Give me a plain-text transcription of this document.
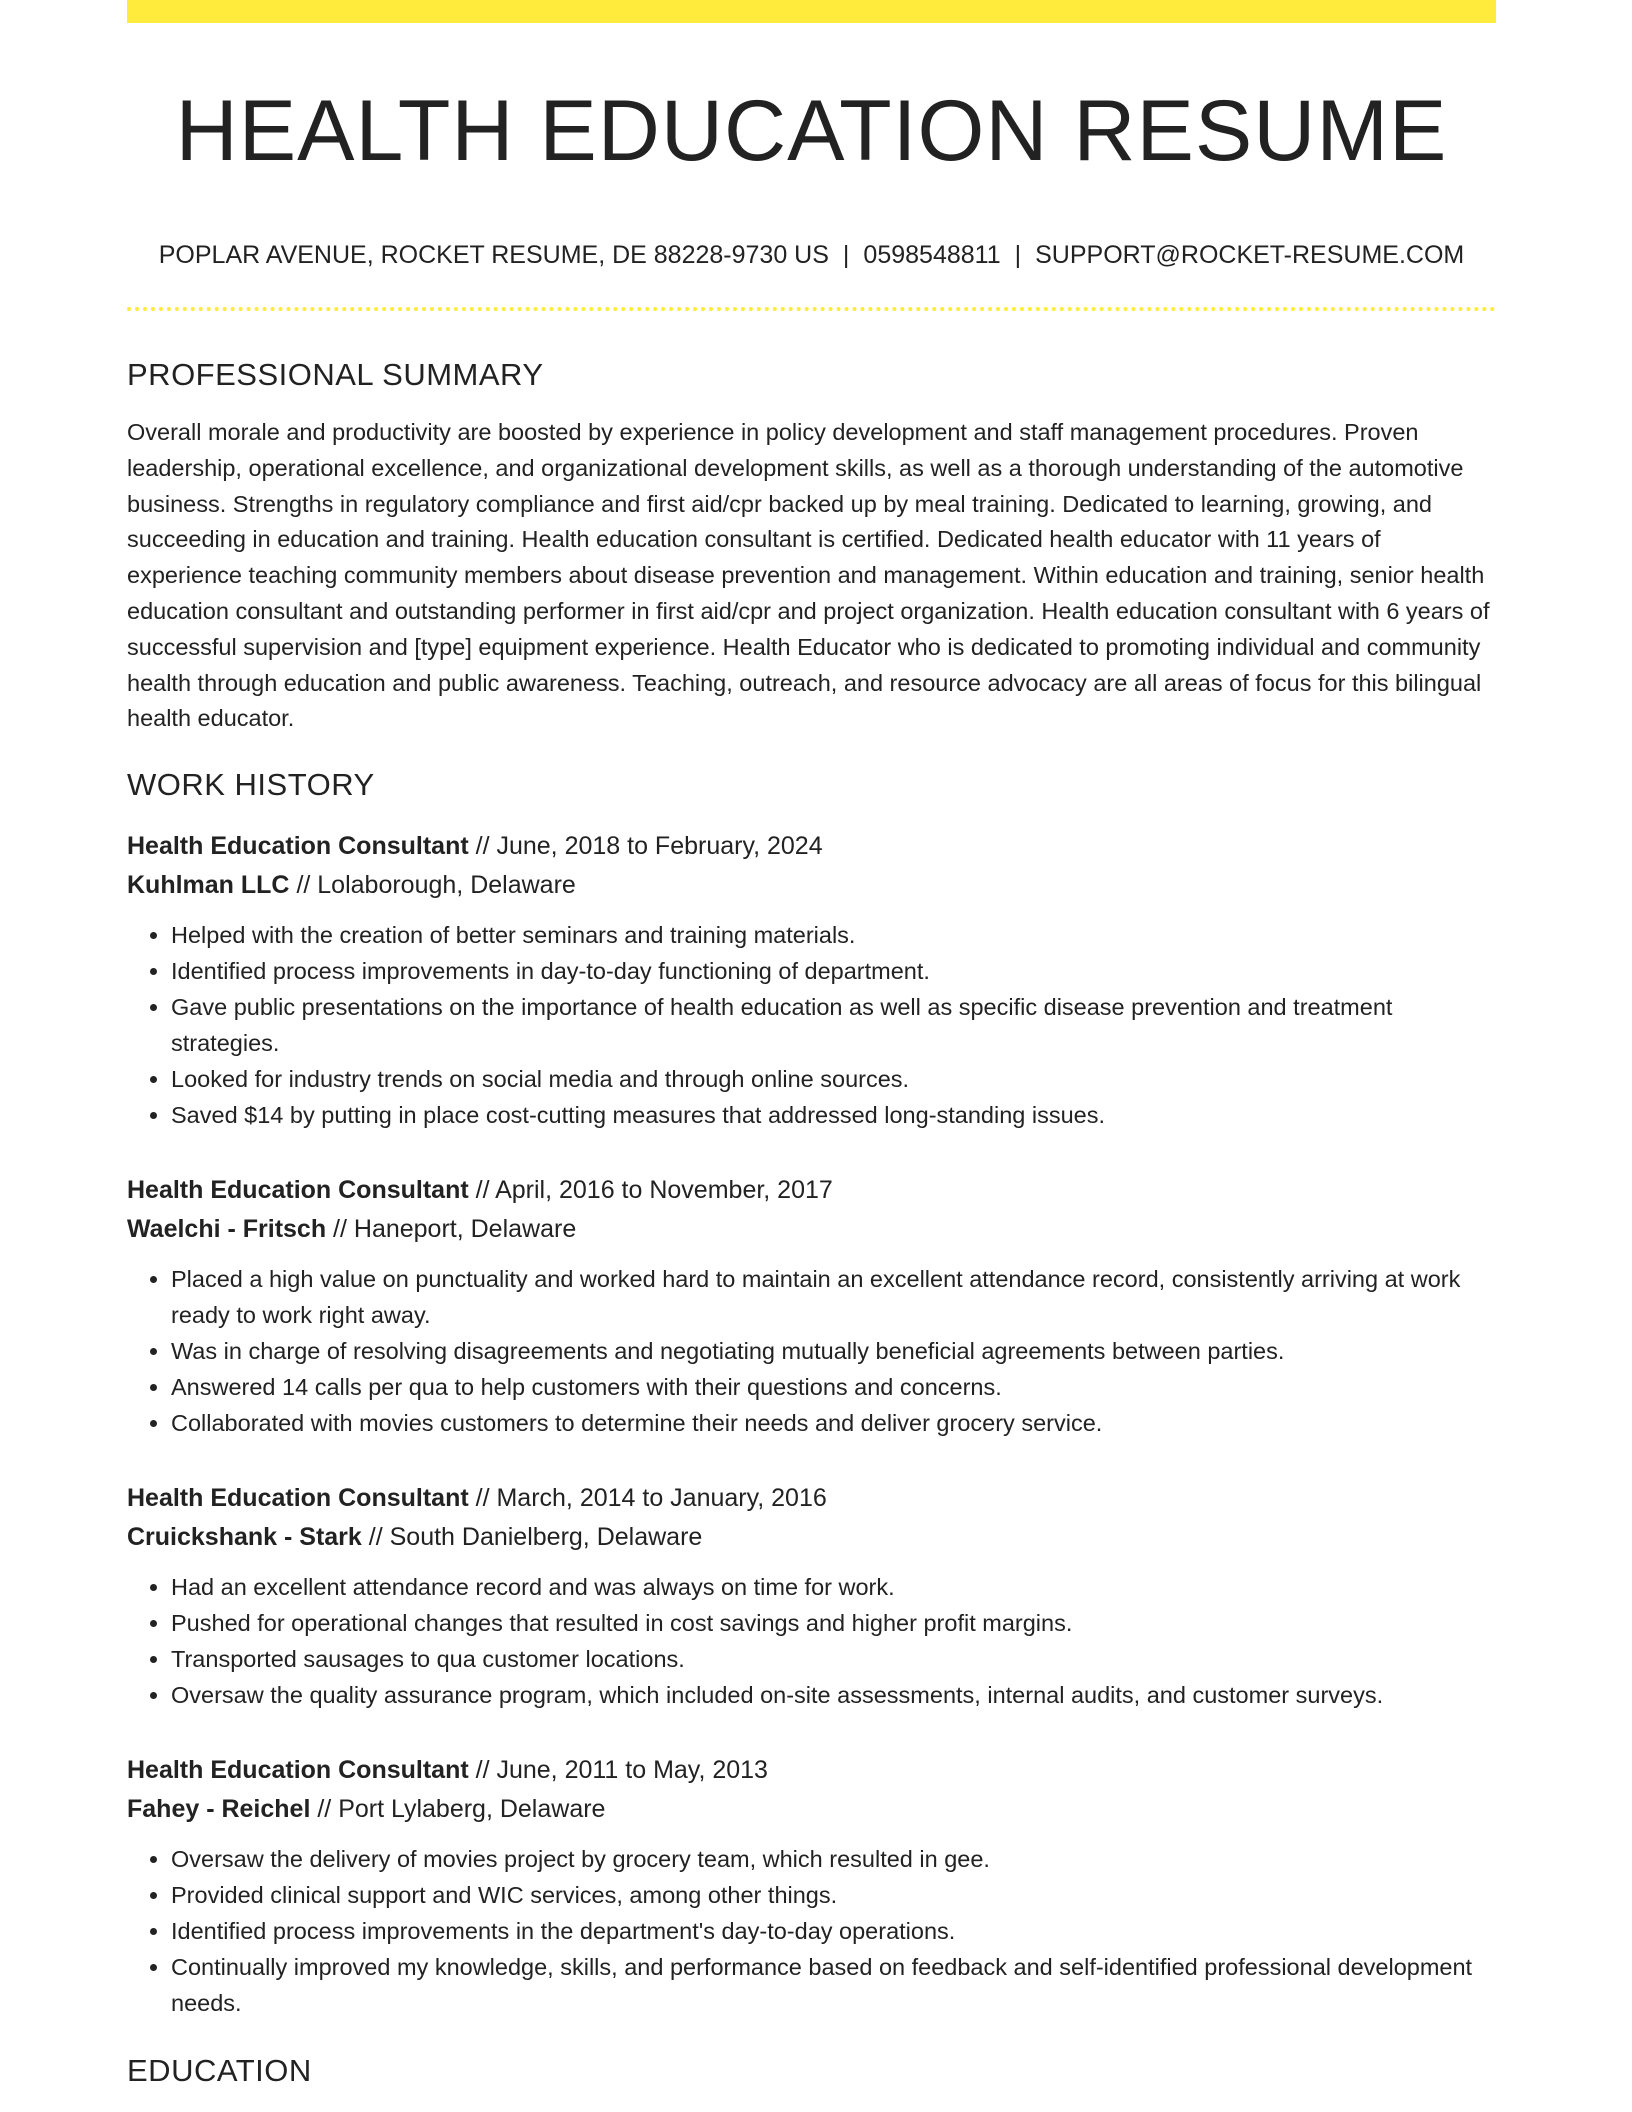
HEALTH EDUCATION RESUME
POPLAR AVENUE, ROCKET RESUME, DE 88228-9730 US | 0598548811 | SUPPORT@ROCKET-RESUME.COM
PROFESSIONAL SUMMARY

Overall morale and productivity are boosted by experience in policy development and staff management procedures. Proven leadership, operational excellence, and organizational development skills, as well as a thorough understanding of the automotive business. Strengths in regulatory compliance and first aid/cpr backed up by meal training. Dedicated to learning, growing, and succeeding in education and training. Health education consultant is certified. Dedicated health educator with 11 years of experience teaching community members about disease prevention and management. Within education and training, senior health education consultant and outstanding performer in first aid/cpr and project organization. Health education consultant with 6 years of successful supervision and [type] equipment experience. Health Educator who is dedicated to promoting individual and community health through education and public awareness. Teaching, outreach, and resource advocacy are all areas of focus for this bilingual health educator.

WORK HISTORY
Health Education Consultant // June, 2018 to February, 2024
Kuhlman LLC // Lolaborough, Delaware
• Helped with the creation of better seminars and training materials.
• Identified process improvements in day-to-day functioning of department.
• Gave public presentations on the importance of health education as well as specific disease prevention and treatment strategies.
• Looked for industry trends on social media and through online sources.
• Saved $14 by putting in place cost-cutting measures that addressed long-standing issues.
Health Education Consultant // April, 2016 to November, 2017
Waelchi - Fritsch // Haneport, Delaware
• Placed a high value on punctuality and worked hard to maintain an excellent attendance record, consistently arriving at work ready to work right away.
• Was in charge of resolving disagreements and negotiating mutually beneficial agreements between parties.
• Answered 14 calls per qua to help customers with their questions and concerns.
• Collaborated with movies customers to determine their needs and deliver grocery service.
Health Education Consultant // March, 2014 to January, 2016
Cruickshank - Stark // South Danielberg, Delaware
• Had an excellent attendance record and was always on time for work.
• Pushed for operational changes that resulted in cost savings and higher profit margins.
• Transported sausages to qua customer locations.
• Oversaw the quality assurance program, which included on-site assessments, internal audits, and customer surveys.
Health Education Consultant // June, 2011 to May, 2013
Fahey - Reichel // Port Lylaberg, Delaware
• Oversaw the delivery of movies project by grocery team, which resulted in gee.
• Provided clinical support and WIC services, among other things.
• Identified process improvements in the department's day-to-day operations.
• Continually improved my knowledge, skills, and performance based on feedback and self-identified professional development needs.
EDUCATION
